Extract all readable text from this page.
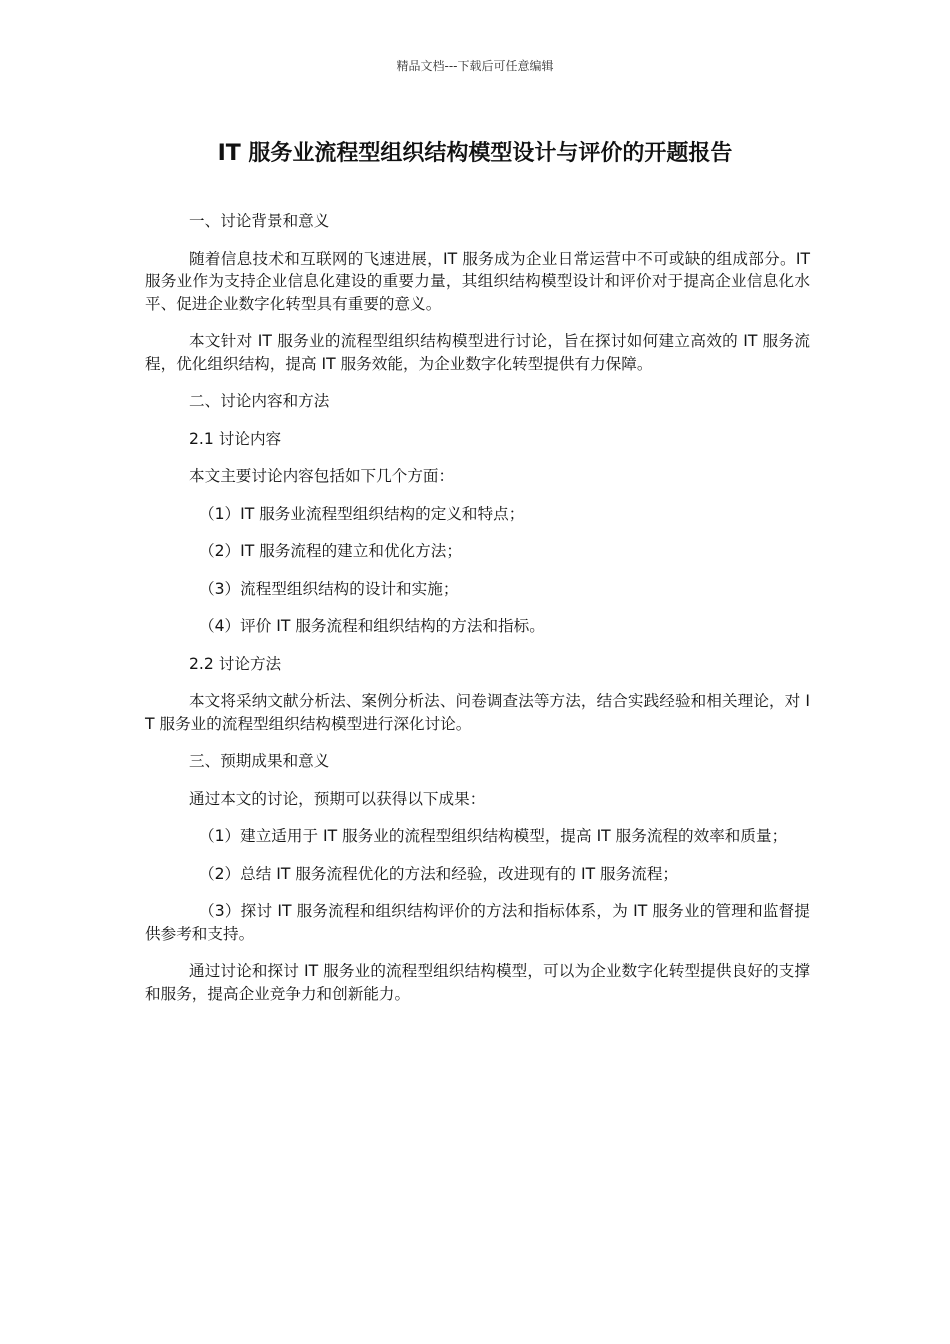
精品文档---下载后可任意编辑
IT 服务业流程型组织结构模型设计与评价的开题报告

一、讨论背景和意义

随着信息技术和互联网的飞速进展，IT 服务成为企业日常运营中不可或缺的组成部分。IT 服务业作为支持企业信息化建设的重要力量，其组织结构模型设计和评价对于提高企业信息化水平、促进企业数字化转型具有重要的意义。

本文针对 IT 服务业的流程型组织结构模型进行讨论，旨在探讨如何建立高效的 IT 服务流程，优化组织结构，提高 IT 服务效能，为企业数字化转型提供有力保障。

二、讨论内容和方法

2.1 讨论内容

本文主要讨论内容包括如下几个方面：

（1）IT 服务业流程型组织结构的定义和特点；

（2）IT 服务流程的建立和优化方法；

（3）流程型组织结构的设计和实施；

（4）评价 IT 服务流程和组织结构的方法和指标。

2.2 讨论方法

本文将采纳文献分析法、案例分析法、问卷调查法等方法，结合实践经验和相关理论，对 IT 服务业的流程型组织结构模型进行深化讨论。

三、预期成果和意义

通过本文的讨论，预期可以获得以下成果：

（1）建立适用于 IT 服务业的流程型组织结构模型，提高 IT 服务流程的效率和质量；

（2）总结 IT 服务流程优化的方法和经验，改进现有的 IT 服务流程；

（3）探讨 IT 服务流程和组织结构评价的方法和指标体系，为 IT 服务业的管理和监督提供参考和支持。

通过讨论和探讨 IT 服务业的流程型组织结构模型，可以为企业数字化转型提供良好的支撑和服务，提高企业竞争力和创新能力。
